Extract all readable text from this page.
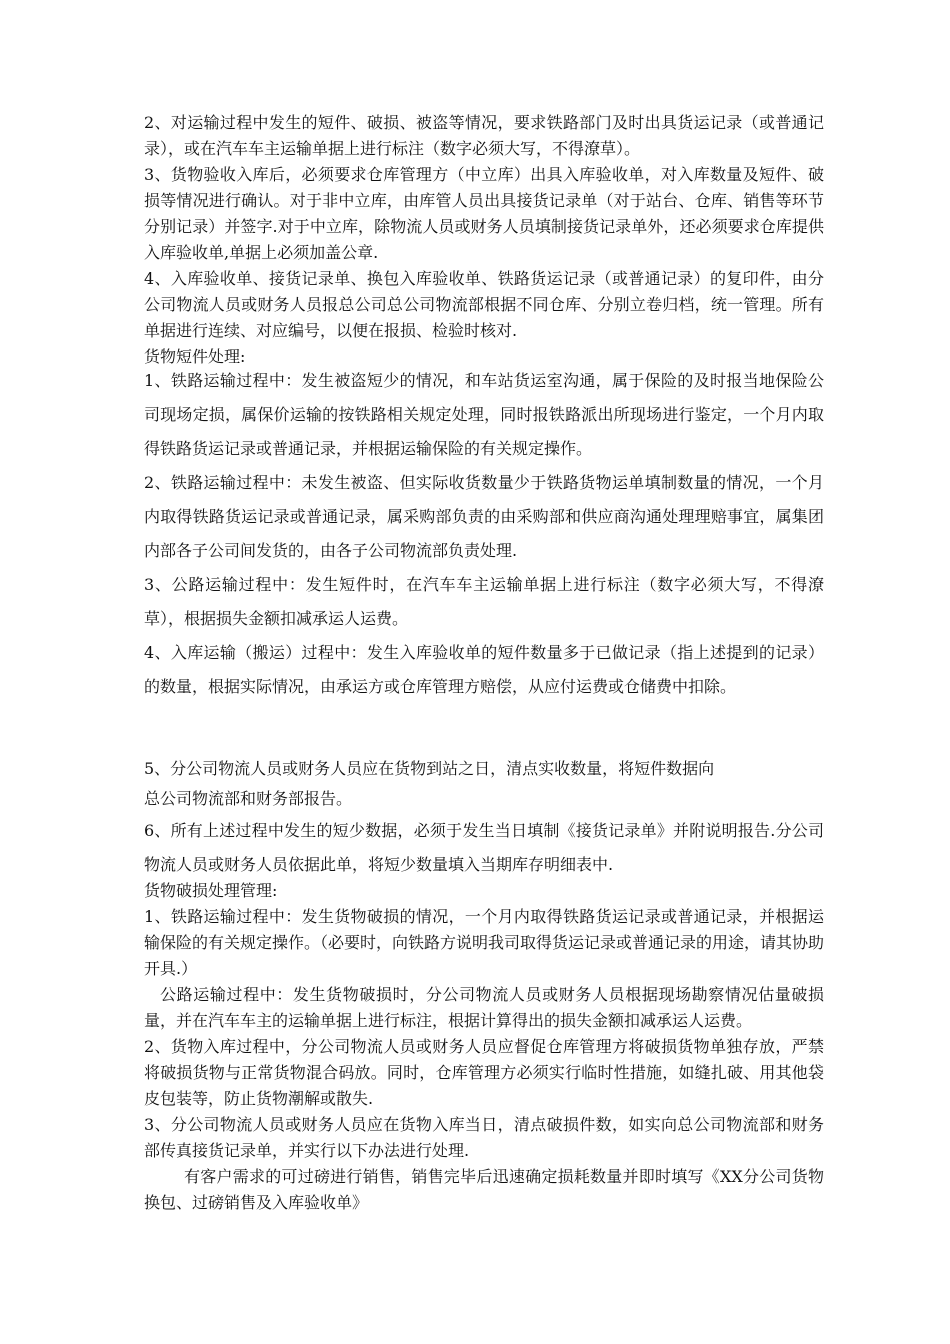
2、对运输过程中发生的短件、破损、被盗等情况，要求铁路部门及时出具货运记录（或普通记录），或在汽车车主运输单据上进行标注（数字必须大写，不得潦草）。

3、货物验收入库后，必须要求仓库管理方（中立库）出具入库验收单，对入库数量及短件、破损等情况进行确认。对于非中立库，由库管人员出具接货记录单（对于站台、仓库、销售等环节分别记录）并签字.对于中立库，除物流人员或财务人员填制接货记录单外，还必须要求仓库提供入库验收单,单据上必须加盖公章.

4、入库验收单、接货记录单、换包入库验收单、铁路货运记录（或普通记录）的复印件，由分公司物流人员或财务人员报总公司总公司物流部根据不同仓库、分别立卷归档，统一管理。所有单据进行连续、对应编号，以便在报损、检验时核对.

货物短件处理:

1、铁路运输过程中：发生被盗短少的情况，和车站货运室沟通，属于保险的及时报当地保险公司现场定损，属保价运输的按铁路相关规定处理，同时报铁路派出所现场进行鉴定，一个月内取得铁路货运记录或普通记录，并根据运输保险的有关规定操作。

2、铁路运输过程中：未发生被盗、但实际收货数量少于铁路货物运单填制数量的情况，一个月内取得铁路货运记录或普通记录，属采购部负责的由采购部和供应商沟通处理理赔事宜，属集团内部各子公司间发货的，由各子公司物流部负责处理.

3、公路运输过程中：发生短件时，在汽车车主运输单据上进行标注（数字必须大写，不得潦草），根据损失金额扣减承运人运费。

4、入库运输（搬运）过程中：发生入库验收单的短件数量多于已做记录（指上述提到的记录）的数量，根据实际情况，由承运方或仓库管理方赔偿，从应付运费或仓储费中扣除。

5、分公司物流人员或财务人员应在货物到站之日，清点实收数量，将短件数据向

总公司物流部和财务部报告。

6、所有上述过程中发生的短少数据，必须于发生当日填制《接货记录单》并附说明报告.分公司物流人员或财务人员依据此单，将短少数量填入当期库存明细表中.

货物破损处理管理:

1、铁路运输过程中：发生货物破损的情况，一个月内取得铁路货运记录或普通记录，并根据运输保险的有关规定操作。（必要时，向铁路方说明我司取得货运记录或普通记录的用途，请其协助开具.）

公路运输过程中：发生货物破损时，分公司物流人员或财务人员根据现场勘察情况估量破损量，并在汽车车主的运输单据上进行标注，根据计算得出的损失金额扣减承运人运费。

2、货物入库过程中，分公司物流人员或财务人员应督促仓库管理方将破损货物单独存放，严禁将破损货物与正常货物混合码放。同时，仓库管理方必须实行临时性措施，如缝扎破、用其他袋皮包装等，防止货物潮解或散失.

3、分公司物流人员或财务人员应在货物入库当日，清点破损件数，如实向总公司物流部和财务部传真接货记录单，并实行以下办法进行处理.

有客户需求的可过磅进行销售，销售完毕后迅速确定损耗数量并即时填写《XX分公司货物换包、过磅销售及入库验收单》
